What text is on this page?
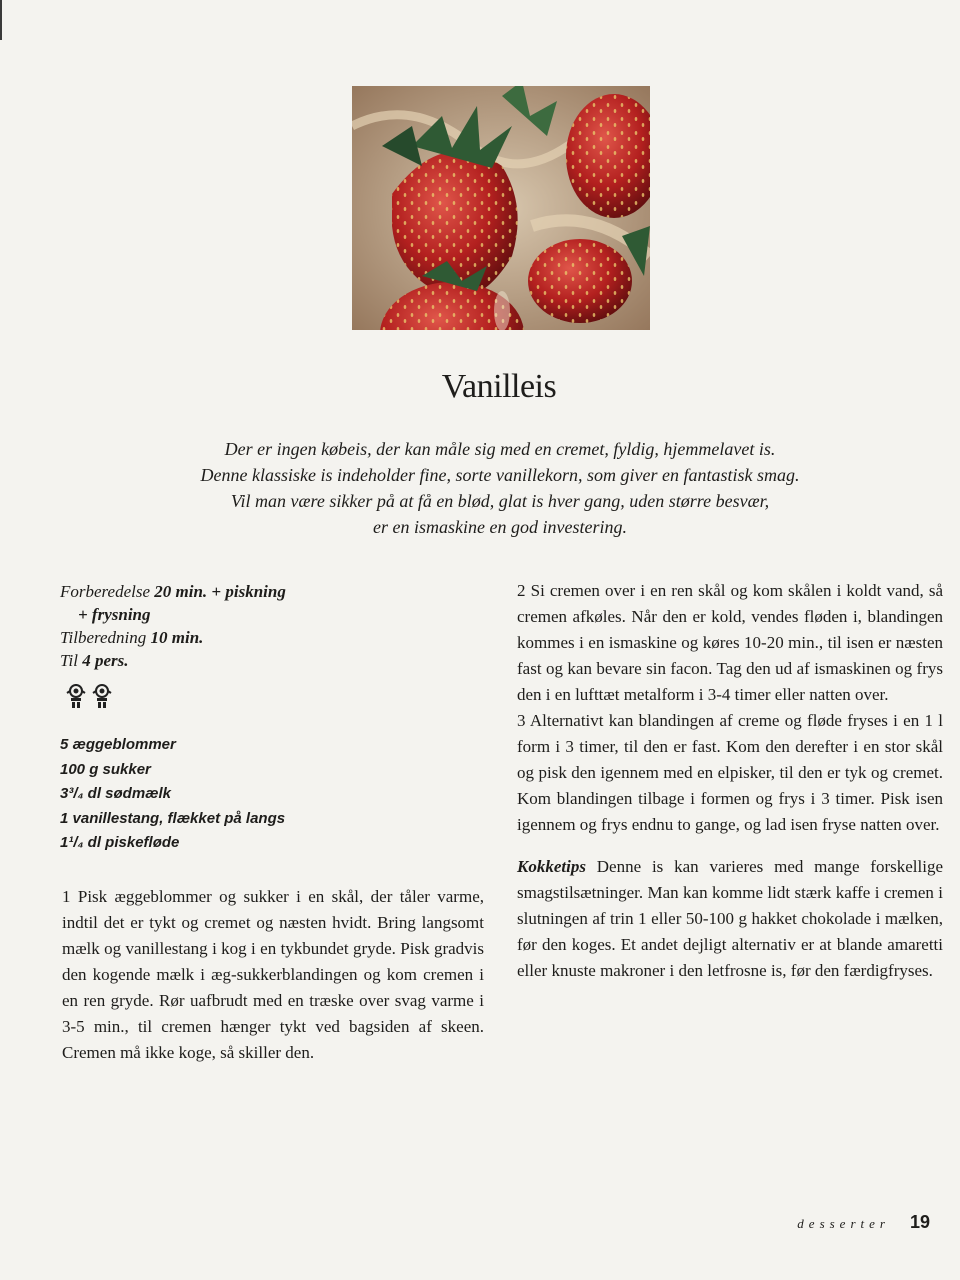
Vanilleis
Der er ingen købeis, der kan måle sig med en cremet, fyldig, hjemmelavet is.
Denne klassiske is indeholder fine, sorte vanillekorn, som giver en fantastisk smag.
Vil man være sikker på at få en blød, glat is hver gang, uden større besvær,
er en ismaskine en god investering.
Forberedelse 20 min. + piskning
+ frysning
Tilberedning 10 min.
Til 4 pers.
5 æggeblommer
100 g sukker
3³/₄ dl sødmælk
1 vanillestang, flækket på langs
1¹/₄ dl piskefløde

1 Pisk æggeblommer og sukker i en skål, der tåler varme, indtil det er tykt og cremet og næsten hvidt. Bring langsomt mælk og vanillestang i kog i en tykbundet gryde. Pisk gradvis den kogende mælk i æg-sukkerblandingen og kom cremen i en ren gryde. Rør uafbrudt med en træske over svag varme i 3-5 min., til cremen hænger tykt ved bagsiden af skeen. Cremen må ikke koge, så skiller den.

2 Si cremen over i en ren skål og kom skålen i koldt vand, så cremen afkøles. Når den er kold, vendes fløden i, blandingen kommes i en ismaskine og køres 10-20 min., til isen er næsten fast og kan bevare sin facon. Tag den ud af ismaskinen og frys den i en lufttæt metalform i 3-4 timer eller natten over.

3 Alternativt kan blandingen af creme og fløde fryses i en 1 l form i 3 timer, til den er fast. Kom den derefter i en stor skål og pisk den igennem med en elpisker, til den er tyk og cremet. Kom blandingen tilbage i formen og frys i 3 timer. Pisk isen igennem og frys endnu to gange, og lad isen fryse natten over.

Kokketips Denne is kan varieres med mange forskellige smagstilsætninger. Man kan komme lidt stærk kaffe i cremen i slutningen af trin 1 eller 50-100 g hakket chokolade i mælken, før den koges. Et andet dejligt alternativ er at blande amaretti eller knuste makroner i den letfrosne is, før den færdigfryses.

desserter 19
